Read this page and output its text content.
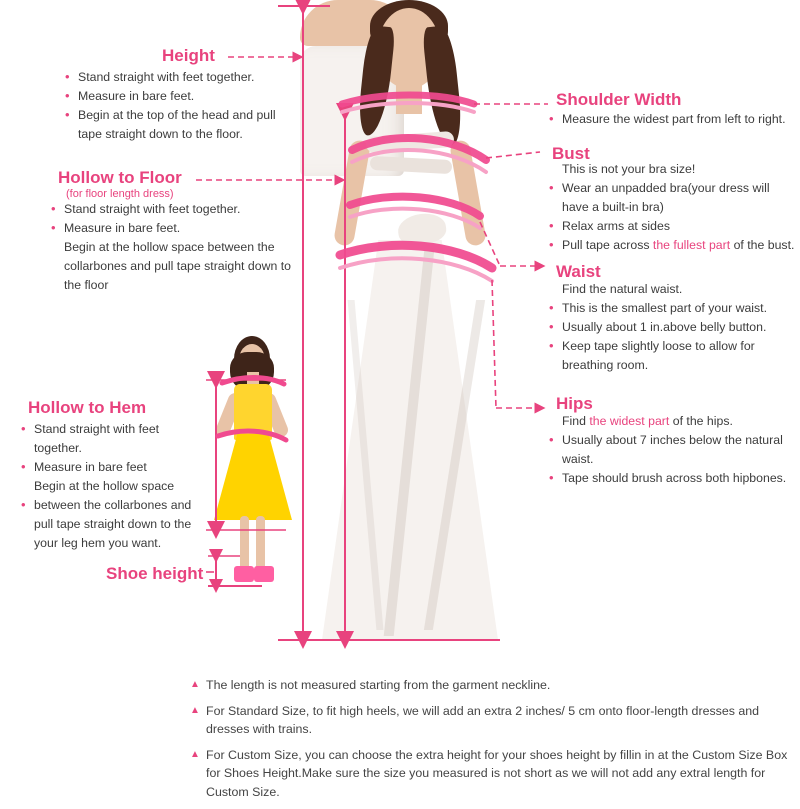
Height
• Stand straight with feet together.
• Measure in bare feet.
• Begin at the top of the head and pull tape straight down to the floor.
Hollow to Floor
(for floor length dress)
• Stand straight with feet together.
• Measure in bare feet.
Begin at the hollow space between the collarbones and pull tape straight down to the floor
Hollow to Hem
• Stand straight with feet together.
• Measure in bare feet
Begin at the hollow space
• between the collarbones and pull tape straight down to the your leg hem you want.
Shoe height
Shoulder Width
• Measure the widest part from left to right.
Bust
This is not your bra size!
• Wear an unpadded bra(your dress will have a built-in bra)
• Relax arms at sides
• Pull tape across the fullest part of the bust.
Waist
Find the natural waist.
• This is the smallest part of your waist.
• Usually about 1 in.above belly button.
• Keep tape slightly loose to allow for breathing room.
Hips
Find the widest part of the hips.
• Usually about 7 inches below the natural waist.
• Tape should brush across both hipbones.
▲ The length is not measured starting from the garment neckline.
▲ For Standard Size, to fit high heels, we will add an extra 2 inches/ 5 cm onto floor-length dresses and dresses with trains.
▲ For Custom Size, you can choose the extra height for your shoes height by fillin in at the Custom Size Box for Shoes Height.Make sure the size you measured is not short as we will not add any extral length for Custom Size.
